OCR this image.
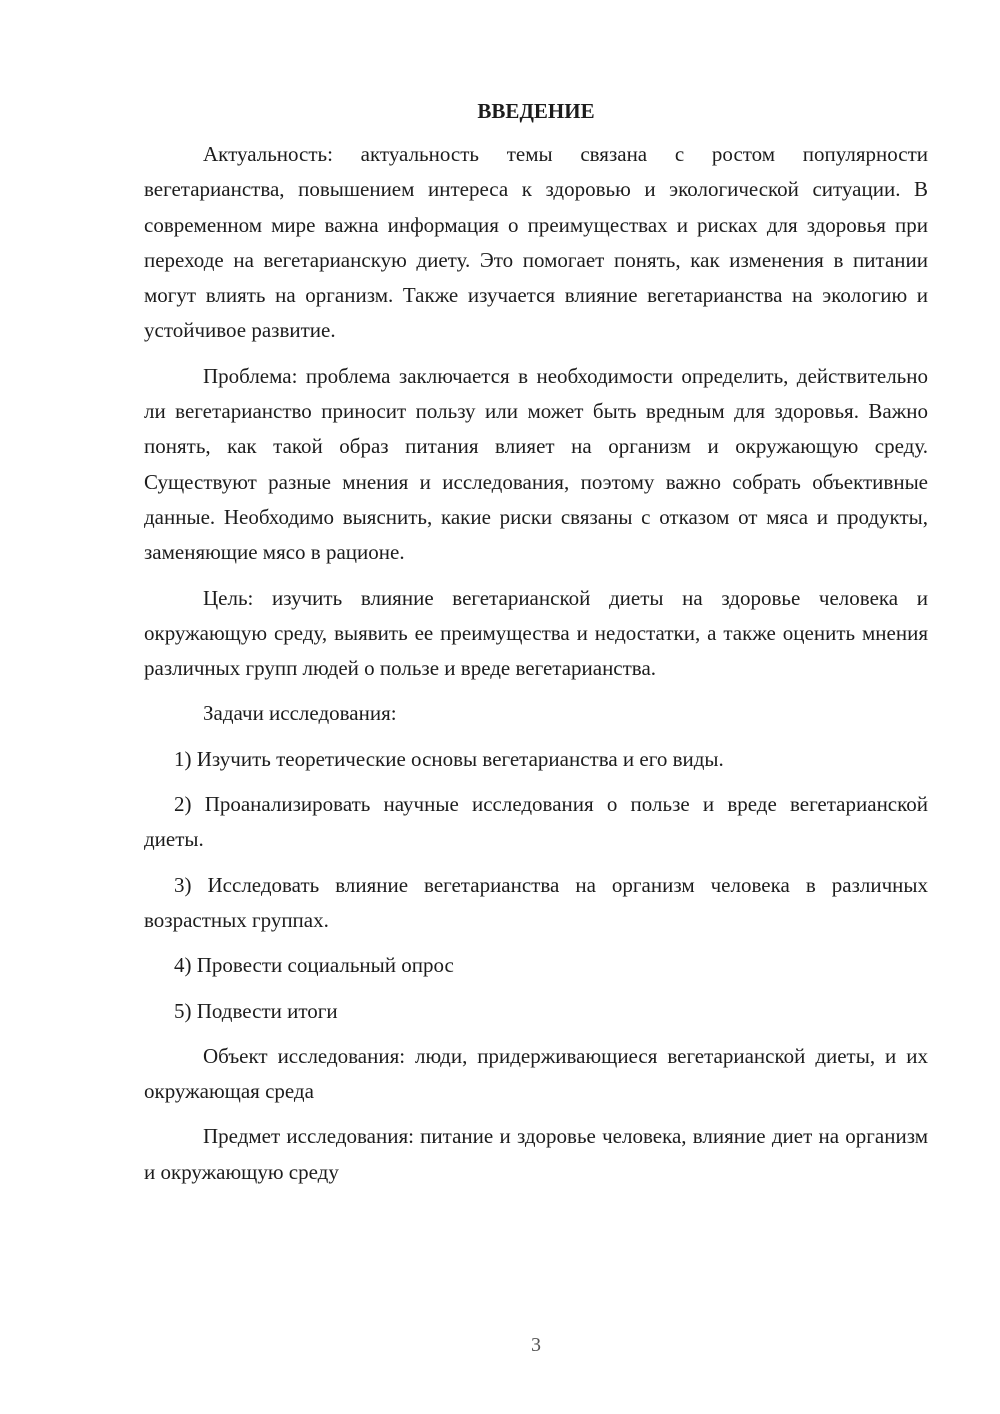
ВВЕДЕНИЕ

Актуальность: актуальность темы связана с ростом популярности вегетарианства, повышением интереса к здоровью и экологической ситуации. В современном мире важна информация о преимуществах и рисках для здоровья при переходе на вегетарианскую диету. Это помогает понять, как изменения в питании могут влиять на организм. Также изучается влияние вегетарианства на экологию и устойчивое развитие.

Проблема: проблема заключается в необходимости определить, действительно ли вегетарианство приносит пользу или может быть вредным для здоровья. Важно понять, как такой образ питания влияет на организм и окружающую среду. Существуют разные мнения и исследования, поэтому важно собрать объективные данные. Необходимо выяснить, какие риски связаны с отказом от мяса и продукты, заменяющие мясо в рационе.

Цель: изучить влияние вегетарианской диеты на здоровье человека и окружающую среду, выявить ее преимущества и недостатки, а также оценить мнения различных групп людей о пользе и вреде вегетарианства.

Задачи исследования:

1) Изучить теоретические основы вегетарианства и его виды.

2) Проанализировать научные исследования о пользе и вреде вегетарианской диеты.

3) Исследовать влияние вегетарианства на организм человека в различных возрастных группах.

4) Провести социальный опрос

5) Подвести итоги

Объект исследования: люди, придерживающиеся вегетарианской диеты, и их окружающая среда

Предмет исследования: питание и здоровье человека, влияние диет на организм и окружающую среду

3
